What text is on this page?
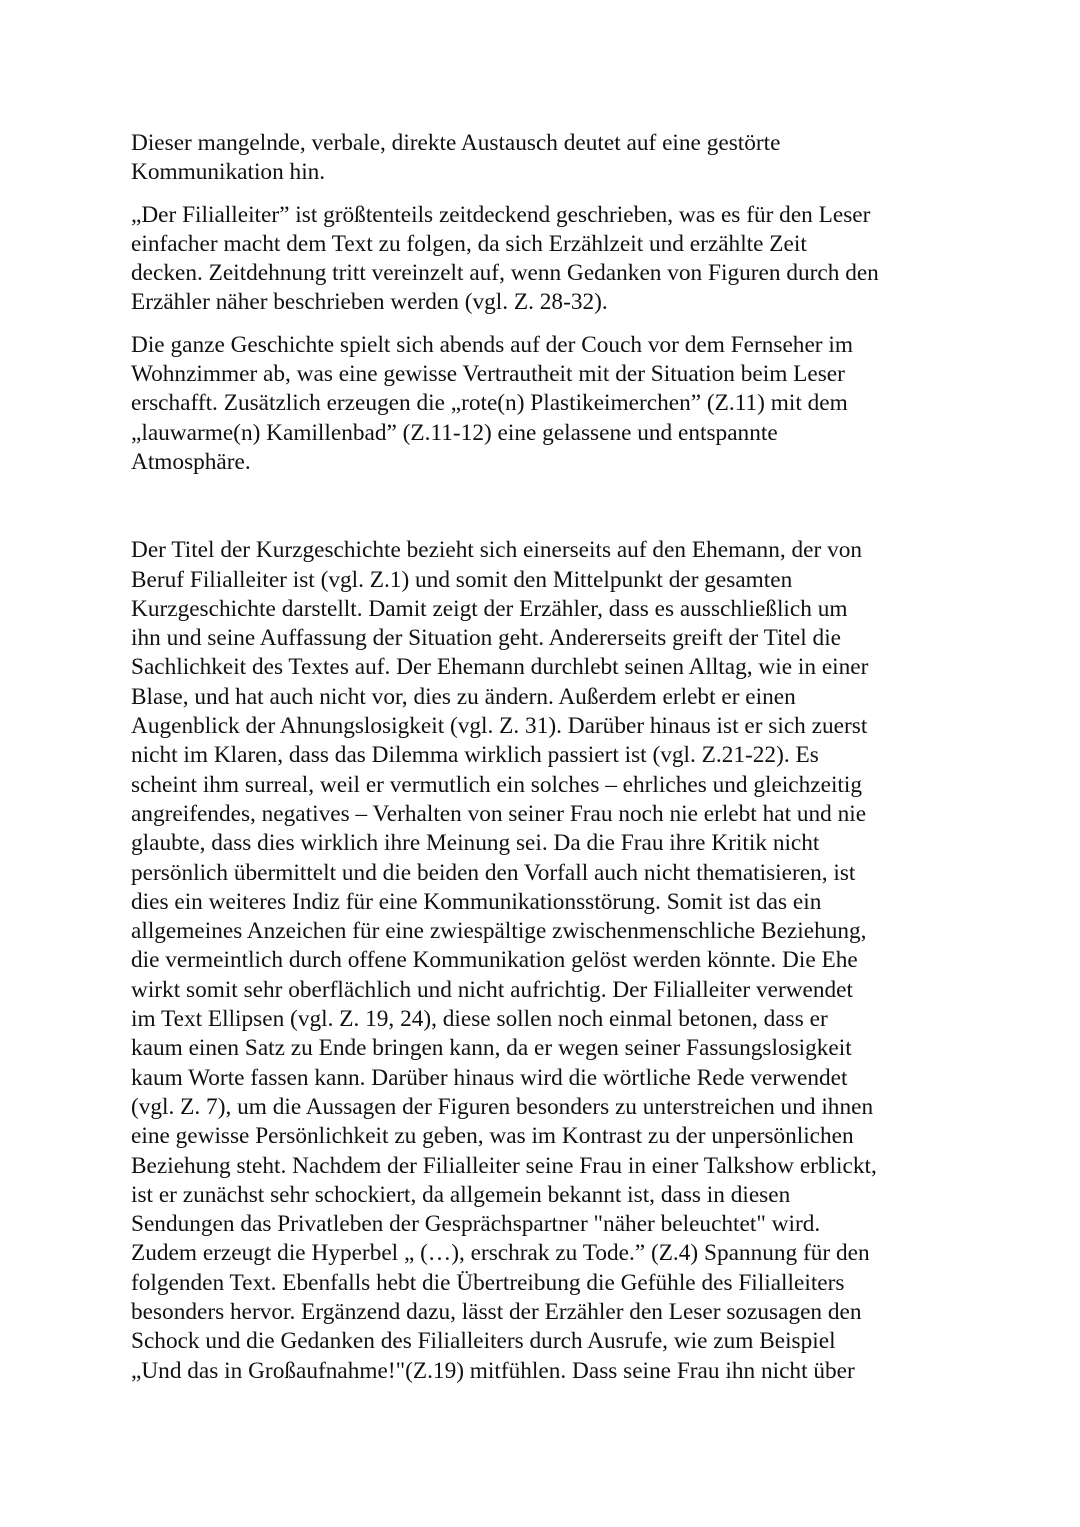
Dieser mangelnde, verbale, direkte Austausch deutet auf eine gestörte
Kommunikation hin.

„Der Filialleiter” ist größtenteils zeitdeckend geschrieben, was es für den Leser
einfacher macht dem Text zu folgen, da sich Erzählzeit und erzählte Zeit
decken. Zeitdehnung tritt vereinzelt auf, wenn Gedanken von Figuren durch den
Erzähler näher beschrieben werden (vgl. Z. 28-32).

Die ganze Geschichte spielt sich abends auf der Couch vor dem Fernseher im
Wohnzimmer ab, was eine gewisse Vertrautheit mit der Situation beim Leser
erschafft. Zusätzlich erzeugen die „rote(n) Plastikeimerchen” (Z.11) mit dem
„lauwarme(n) Kamillenbad” (Z.11-12) eine gelassene und entspannte
Atmosphäre.

Der Titel der Kurzgeschichte bezieht sich einerseits auf den Ehemann, der von
Beruf Filialleiter ist (vgl. Z.1) und somit den Mittelpunkt der gesamten
Kurzgeschichte darstellt. Damit zeigt der Erzähler, dass es ausschließlich um
ihn und seine Auffassung der Situation geht. Andererseits greift der Titel die
Sachlichkeit des Textes auf. Der Ehemann durchlebt seinen Alltag, wie in einer
Blase, und hat auch nicht vor, dies zu ändern. Außerdem erlebt er einen
Augenblick der Ahnungslosigkeit (vgl. Z. 31). Darüber hinaus ist er sich zuerst
nicht im Klaren, dass das Dilemma wirklich passiert ist (vgl. Z.21-22). Es
scheint ihm surreal, weil er vermutlich ein solches – ehrliches und gleichzeitig
angreifendes, negatives – Verhalten von seiner Frau noch nie erlebt hat und nie
glaubte, dass dies wirklich ihre Meinung sei. Da die Frau ihre Kritik nicht
persönlich übermittelt und die beiden den Vorfall auch nicht thematisieren, ist
dies ein weiteres Indiz für eine Kommunikationsstörung. Somit ist das ein
allgemeines Anzeichen für eine zwiespältige zwischenmenschliche Beziehung,
die vermeintlich durch offene Kommunikation gelöst werden könnte. Die Ehe
wirkt somit sehr oberflächlich und nicht aufrichtig. Der Filialleiter verwendet
im Text Ellipsen (vgl. Z. 19, 24), diese sollen noch einmal betonen, dass er
kaum einen Satz zu Ende bringen kann, da er wegen seiner Fassungslosigkeit
kaum Worte fassen kann. Darüber hinaus wird die wörtliche Rede verwendet
(vgl. Z. 7), um die Aussagen der Figuren besonders zu unterstreichen und ihnen
eine gewisse Persönlichkeit zu geben, was im Kontrast zu der unpersönlichen
Beziehung steht. Nachdem der Filialleiter seine Frau in einer Talkshow erblickt,
ist er zunächst sehr schockiert, da allgemein bekannt ist, dass in diesen
Sendungen das Privatleben der Gesprächspartner "näher beleuchtet" wird.
Zudem erzeugt die Hyperbel „ (…), erschrak zu Tode.” (Z.4) Spannung für den
folgenden Text. Ebenfalls hebt die Übertreibung die Gefühle des Filialleiters
besonders hervor. Ergänzend dazu, lässt der Erzähler den Leser sozusagen den
Schock und die Gedanken des Filialleiters durch Ausrufe, wie zum Beispiel
„Und das in Großaufnahme!"(Z.19) mitfühlen. Dass seine Frau ihn nicht über
